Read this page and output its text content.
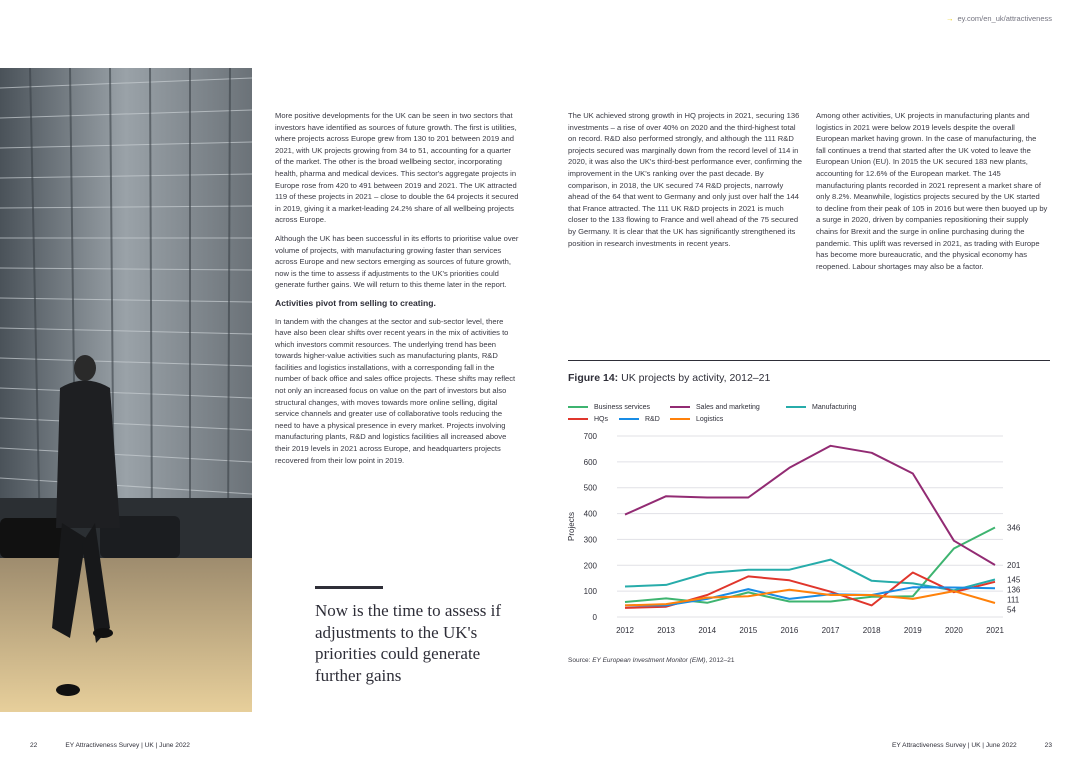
→ ey.com/en_uk/attractiveness

More positive developments for the UK can be seen in two sectors that investors have identified as sources of future growth. The first is utilities, where projects across Europe grew from 130 to 201 between 2019 and 2021, with UK projects growing from 34 to 51, accounting for a quarter of the market. The other is the broad wellbeing sector, incorporating health, pharma and medical devices. This sector's aggregate projects in Europe rose from 420 to 491 between 2019 and 2021. The UK attracted 119 of these projects in 2021 – close to double the 64 projects it secured in 2019, giving it a market-leading 24.2% share of all wellbeing projects across Europe.

Although the UK has been successful in its efforts to prioritise value over volume of projects, with manufacturing growing faster than services across Europe and new sectors emerging as sources of future growth, now is the time to assess if adjustments to the UK's priorities could generate further gains. We will return to this theme later in the report.

Activities pivot from selling to creating.

In tandem with the changes at the sector and sub-sector level, there have also been clear shifts over recent years in the mix of activities to which investors commit resources. The underlying trend has been towards higher-value activities such as manufacturing plants, R&D facilities and logistics installations, with a corresponding fall in the number of back office and sales office projects. These shifts may reflect not only an increased focus on value on the part of investors but also structural changes, with moves towards more online selling, digital service channels and greater use of collaborative tools reducing the need to have a physical presence in every market. Projects involving manufacturing plants, R&D and logistics facilities all increased above their 2019 levels in 2021 across Europe, and headquarters projects recovered from their low point in 2019.

The UK achieved strong growth in HQ projects in 2021, securing 136 investments – a rise of over 40% on 2020 and the third-highest total on record. R&D also performed strongly, and although the 111 R&D projects secured was marginally down from the record level of 114 in 2020, it was also the UK's third-best performance ever, confirming the improvement in the UK's ranking over the past decade. By comparison, in 2018, the UK secured 74 R&D projects, narrowly ahead of the 64 that went to Germany and only just over half the 144 that France attracted. The 111 UK R&D projects in 2021 is much closer to the 133 flowing to France and well ahead of the 75 secured by Germany. It is clear that the UK has significantly strengthened its position in research investments in recent years.

Among other activities, UK projects in manufacturing plants and logistics in 2021 were below 2019 levels despite the overall European market having grown. In the case of manufacturing, the fall continues a trend that started after the UK voted to leave the European Union (EU). In 2015 the UK secured 183 new plants, accounting for 12.6% of the European market. The 145 manufacturing plants recorded in 2021 represent a market share of only 8.2%. Meanwhile, logistics projects secured by the UK started to decline from their peak of 105 in 2016 but were then buoyed up by a surge in 2020, driven by companies repositioning their supply chains for Brexit and the surge in online purchasing during the pandemic. This uplift was reversed in 2021, as trading with Europe has become more bureaucratic, and the physical economy has reopened. Labour shortages may also be a factor.

Now is the time to assess if adjustments to the UK's priorities could generate further gains
Figure 14: UK projects by activity, 2012–21
Business services	Sales and marketing	Manufacturing
HQs	R&D	Logistics
0
100
200
300
400
500
600
700
2012	2013	2014	2015	2016	2017	2018	2019	2020	2021
Projects	346
201
145
136
111
54
Source: EY European Investment Monitor (EIM), 2012–21
22	EY Attractiveness Survey | UK | June 2022	EY Attractiveness Survey | UK | June 2022	23
